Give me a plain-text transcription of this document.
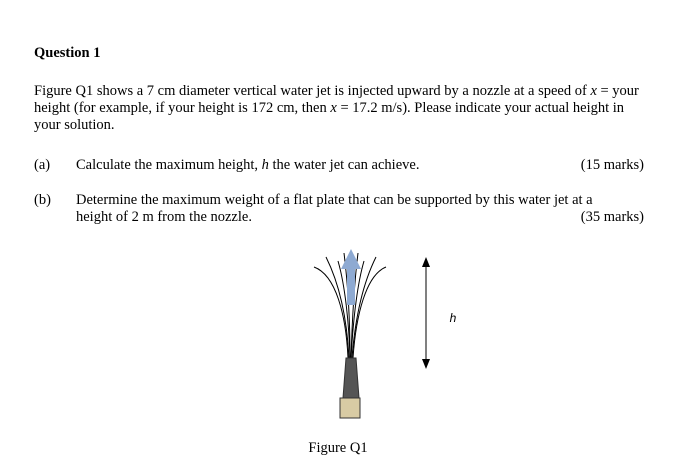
Question 1

Figure Q1 shows a 7 cm diameter vertical water jet is injected upward by a nozzle at a speed of x = your height (for example, if your height is 172 cm, then x = 17.2 m/s). Please indicate your actual height in your solution.

(a) Calculate the maximum height, h the water jet can achieve.	(15 marks)
(b) Determine the maximum weight of a flat plate that can be supported by this water jet at a height of 2 m from the nozzle.	(35 marks)
h
Figure Q1
